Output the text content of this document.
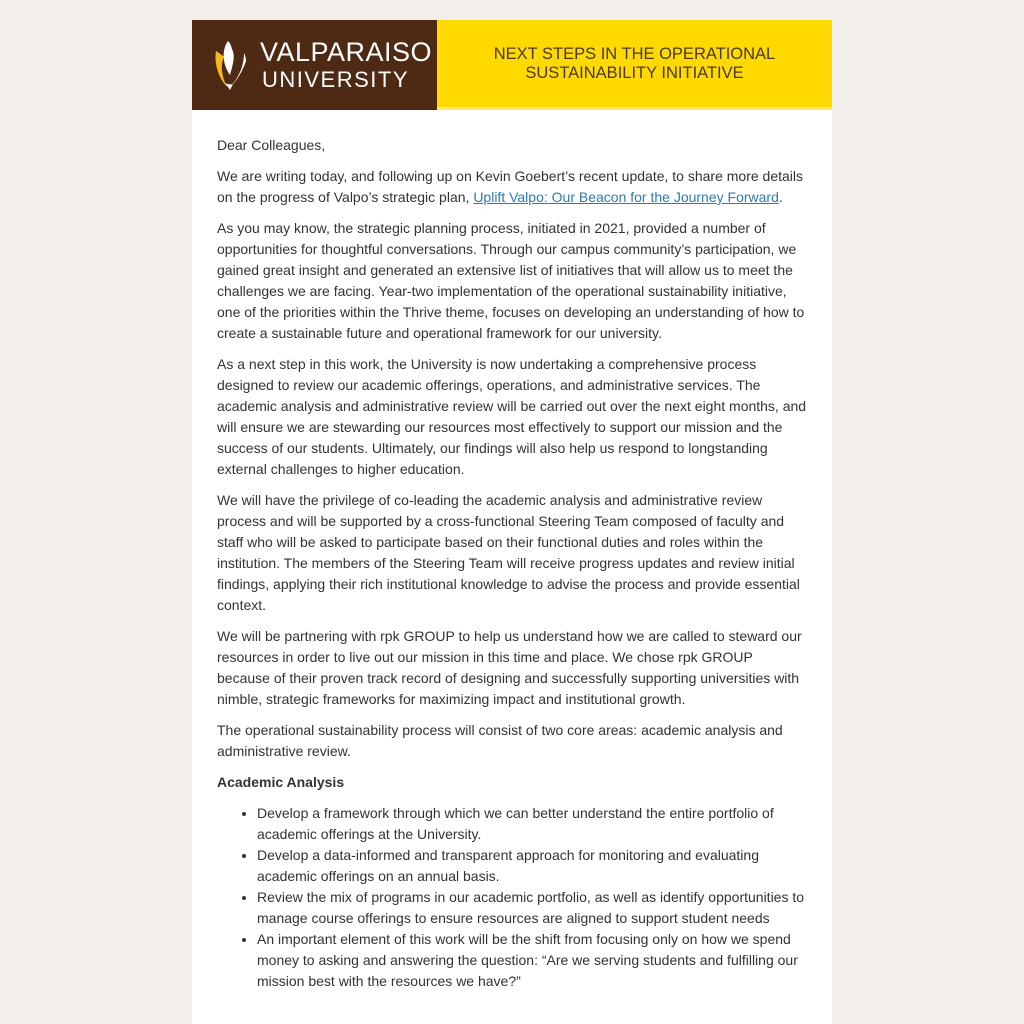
VALPARAISO
UNIVERSITY
NEXT STEPS IN THE OPERATIONAL SUSTAINABILITY INITIATIVE

Dear Colleagues,

We are writing today, and following up on Kevin Goebert’s recent update, to share more details on the progress of Valpo’s strategic plan, Uplift Valpo: Our Beacon for the Journey Forward.

As you may know, the strategic planning process, initiated in 2021, provided a number of opportunities for thoughtful conversations. Through our campus community’s participation, we gained great insight and generated an extensive list of initiatives that will allow us to meet the challenges we are facing. Year-two implementation of the operational sustainability initiative, one of the priorities within the Thrive theme, focuses on developing an understanding of how to create a sustainable future and operational framework for our university.

As a next step in this work, the University is now undertaking a comprehensive process designed to review our academic offerings, operations, and administrative services. The academic analysis and administrative review will be carried out over the next eight months, and will ensure we are stewarding our resources most effectively to support our mission and the success of our students. Ultimately, our findings will also help us respond to longstanding external challenges to higher education.

We will have the privilege of co-leading the academic analysis and administrative review process and will be supported by a cross-functional Steering Team composed of faculty and staff who will be asked to participate based on their functional duties and roles within the institution. The members of the Steering Team will receive progress updates and review initial findings, applying their rich institutional knowledge to advise the process and provide essential context.

We will be partnering with rpk GROUP to help us understand how we are called to steward our resources in order to live out our mission in this time and place. We chose rpk GROUP because of their proven track record of designing and successfully supporting universities with nimble, strategic frameworks for maximizing impact and institutional growth.

The operational sustainability process will consist of two core areas: academic analysis and administrative review.

Academic Analysis

• Develop a framework through which we can better understand the entire portfolio of academic offerings at the University.
• Develop a data-informed and transparent approach for monitoring and evaluating academic offerings on an annual basis.
• Review the mix of programs in our academic portfolio, as well as identify opportunities to manage course offerings to ensure resources are aligned to support student needs
• An important element of this work will be the shift from focusing only on how we spend money to asking and answering the question: “Are we serving students and fulfilling our mission best with the resources we have?”
